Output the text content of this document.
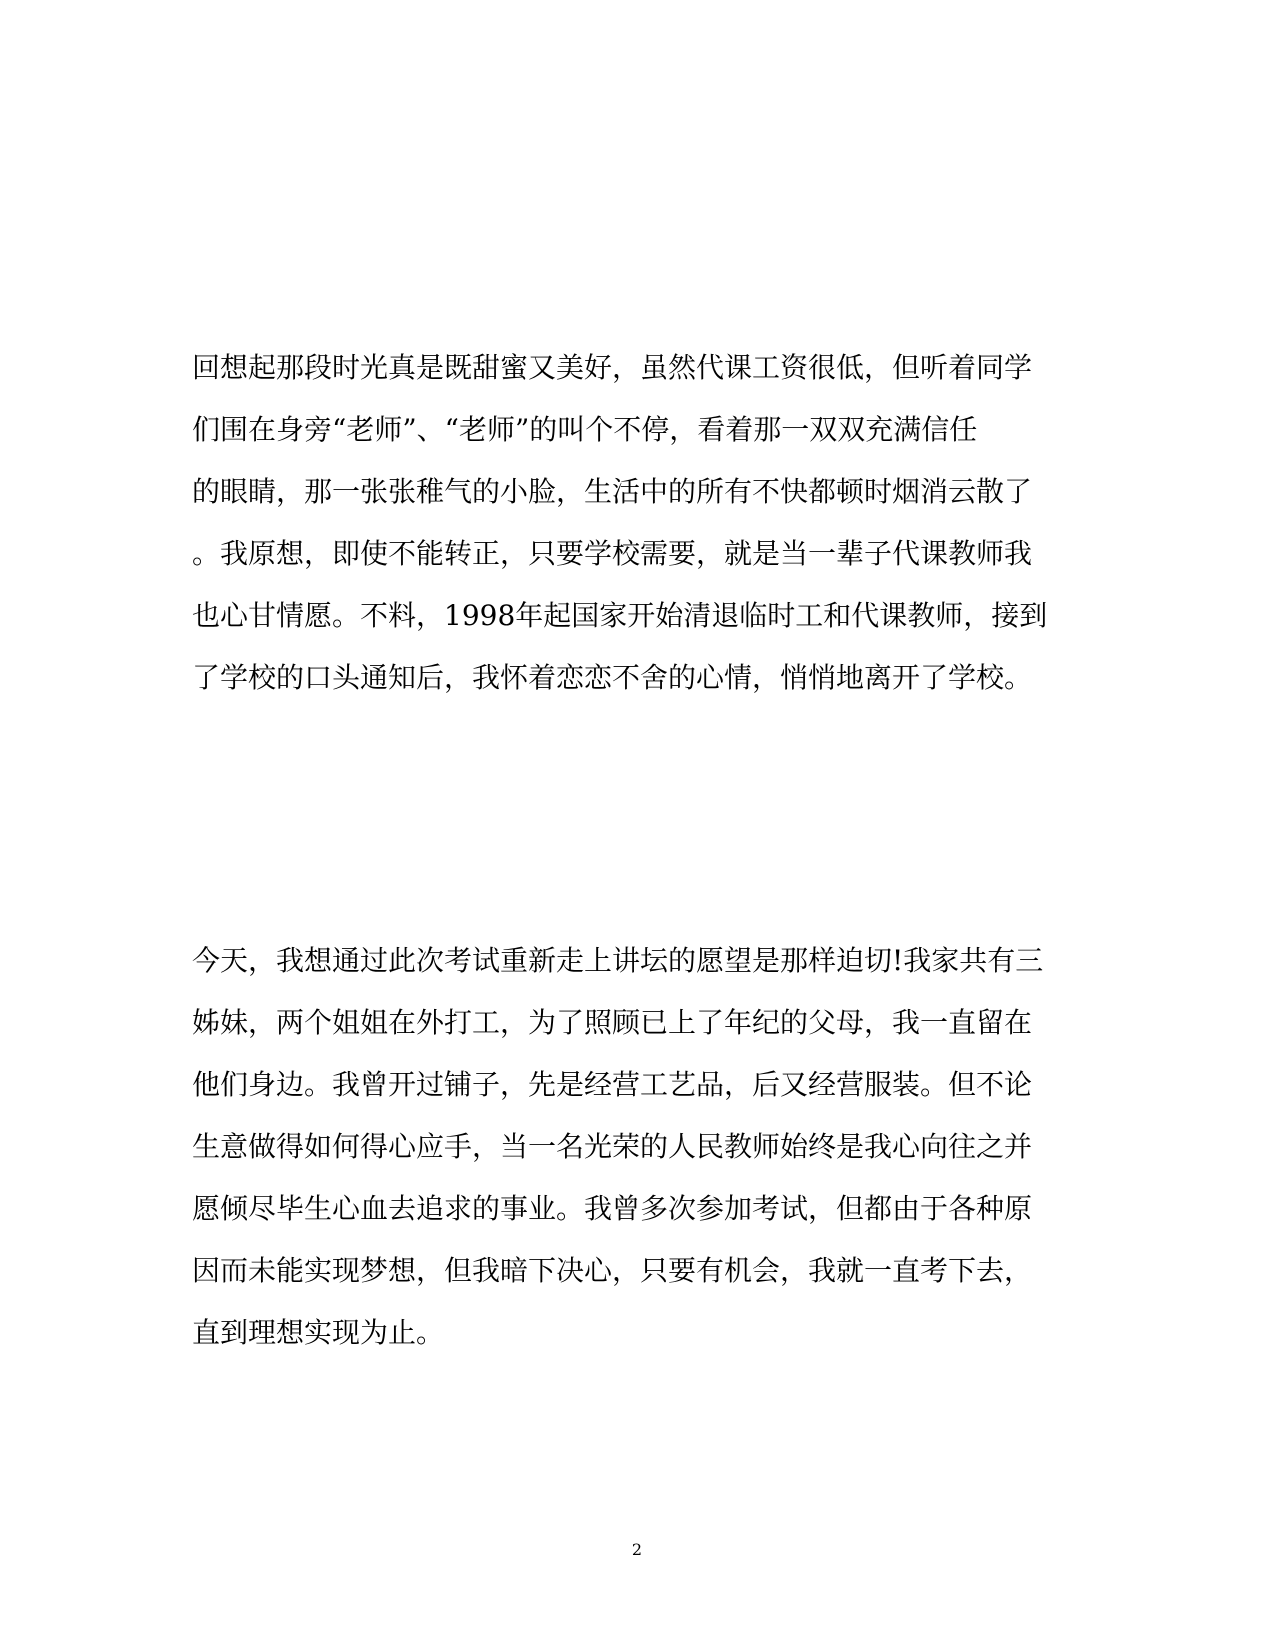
回想起那段时光真是既甜蜜又美好，虽然代课工资很低，但听着同学
们围在身旁“老师”、“老师”的叫个不停，看着那一双双充满信任
的眼睛，那一张张稚气的小脸，生活中的所有不快都顿时烟消云散了
。我原想，即使不能转正，只要学校需要，就是当一辈子代课教师我
也心甘情愿。不料，1998年起国家开始清退临时工和代课教师，接到
了学校的口头通知后，我怀着恋恋不舍的心情，悄悄地离开了学校。
今天，我想通过此次考试重新走上讲坛的愿望是那样迫切!我家共有三
姊妹，两个姐姐在外打工，为了照顾已上了年纪的父母，我一直留在
他们身边。我曾开过铺子，先是经营工艺品，后又经营服装。但不论
生意做得如何得心应手，当一名光荣的人民教师始终是我心向往之并
愿倾尽毕生心血去追求的事业。我曾多次参加考试，但都由于各种原
因而未能实现梦想，但我暗下决心，只要有机会，我就一直考下去，
直到理想实现为止。
2
